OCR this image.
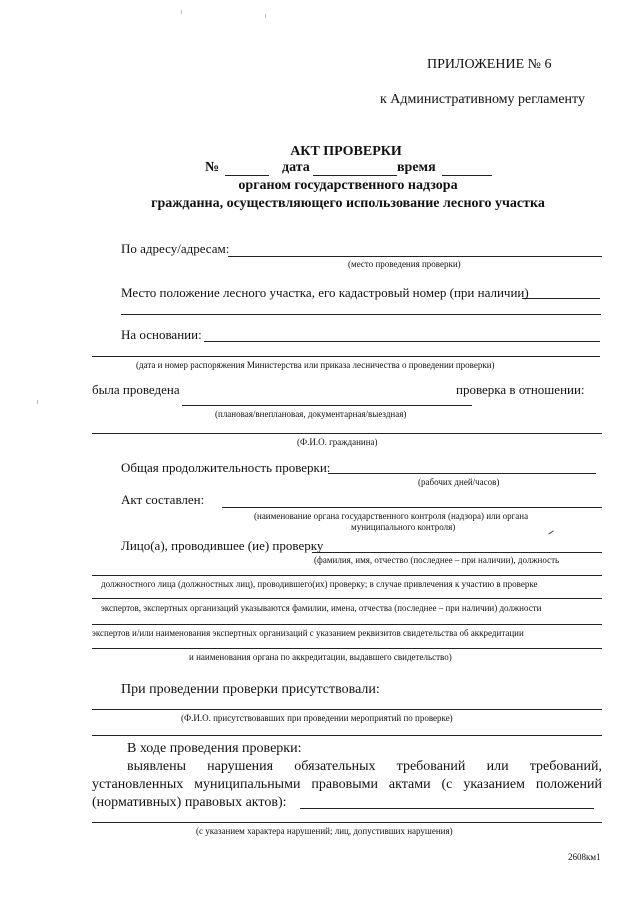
ПРИЛОЖЕНИЕ № 6
к Административному регламенту
АКТ ПРОВЕРКИ
№	дата	время
органом государственного надзора
гражданна, осуществляющего использование лесного участка
По адресу/адресам:
(место проведения проверки)
Место положение лесного участка, его кадастровый номер (при наличии)
На основании:
(дата и номер распоряжения Министерства или приказа лесничества о проведении проверки)
была проведена	проверка в отношении:
(плановая/внеплановая, документарная/выездная)
(Ф.И.О. гражданина)
Общая продолжительность проверки:
(рабочих дней/часов)
Акт составлен:
(наименование органа государственного контроля (надзора) или органа
муниципального контроля)
Лицо(а), проводившее (ие) проверку
(фамилия, имя, отчество (последнее – при наличии), должность
должностного лица (должностных лиц), проводившего(их) проверку; в случае привлечения к участию в проверке
экспертов, экспертных организаций указываются фамилии, имена, отчества (последнее – при наличии) должности
экспертов и/или наименования экспертных организаций с указанием реквизитов свидетельства об аккредитации
и наименования органа по аккредитации, выдавшего свидетельство)
При проведении проверки присутствовали:
(Ф.И.О. присутствовавших при проведении мероприятий по проверке)
В ходе проведения проверки:
выявлены нарушения обязательных требований или требований,
установленных муниципальными правовыми актами (с указанием положений
(нормативных) правовых актов):
(с указанием характера нарушений; лиц, допустивших нарушения)
2608км1
